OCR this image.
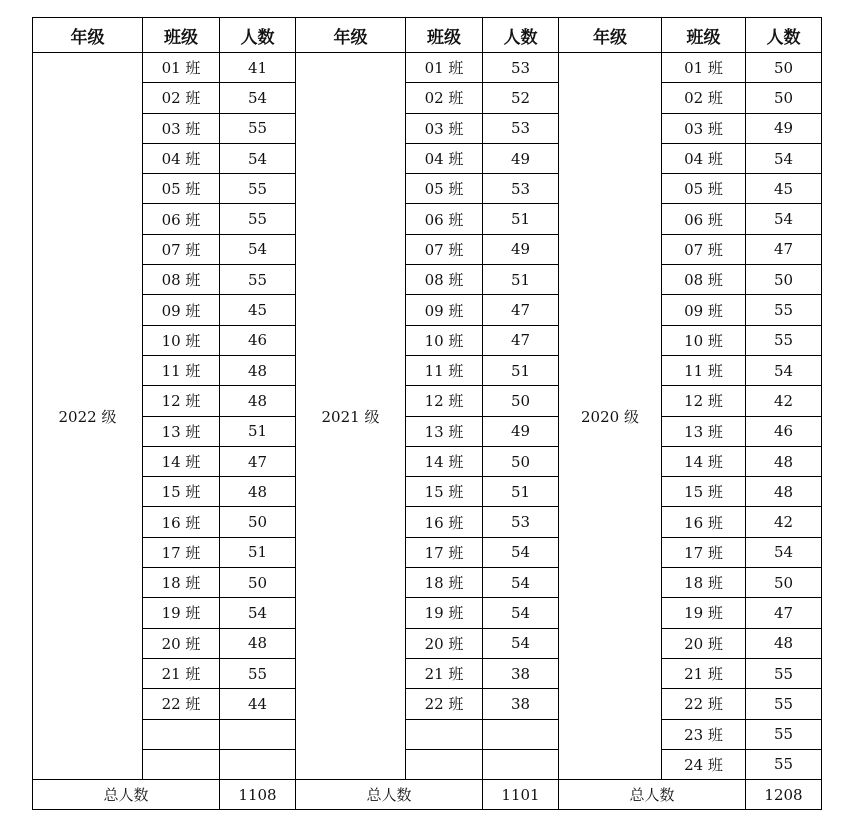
年级	班级	人数	年级	班级	人数	年级	班级	人数
2022 级	01 班	41	2021 级	01 班	53	2020 级	01 班	50
	02 班	54		02 班	52		02 班	50
	03 班	55		03 班	53		03 班	49
	04 班	54		04 班	49		04 班	54
	05 班	55		05 班	53		05 班	45
	06 班	55		06 班	51		06 班	54
	07 班	54		07 班	49		07 班	47
	08 班	55		08 班	51		08 班	50
	09 班	45		09 班	47		09 班	55
	10 班	46		10 班	47		10 班	55
	11 班	48		11 班	51		11 班	54
	12 班	48		12 班	50		12 班	42
	13 班	51		13 班	49		13 班	46
	14 班	47		14 班	50		14 班	48
	15 班	48		15 班	51		15 班	48
	16 班	50		16 班	53		16 班	42
	17 班	51		17 班	54		17 班	54
	18 班	50		18 班	54		18 班	50
	19 班	54		19 班	54		19 班	47
	20 班	48		20 班	54		20 班	48
	21 班	55		21 班	38		21 班	55
	22 班	44		22 班	38		22 班	55
							23 班	55
							24 班	55
总人数		1108	总人数		1101	总人数		1208
